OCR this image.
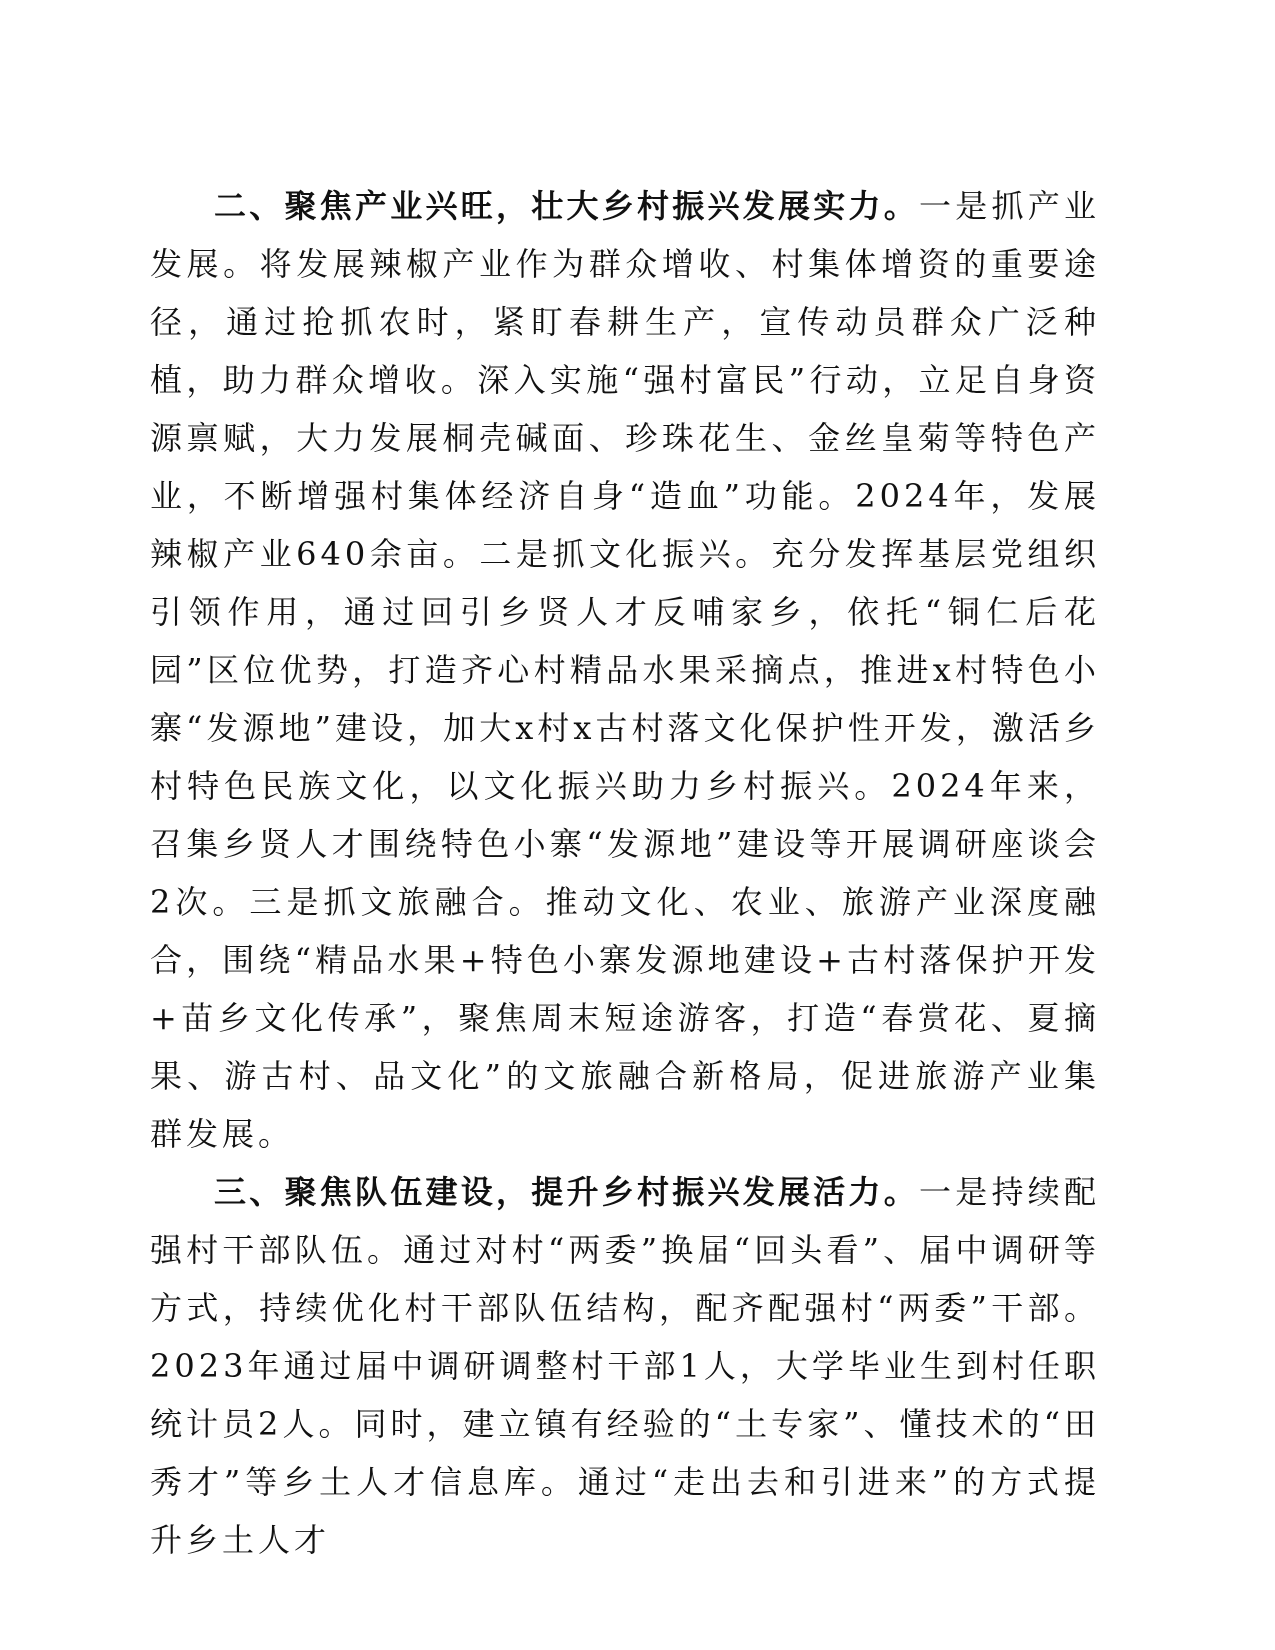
二、聚焦产业兴旺，壮大乡村振兴发展实力。一是抓产业发展。将发展辣椒产业作为群众增收、村集体增资的重要途径，通过抢抓农时，紧盯春耕生产，宣传动员群众广泛种植，助力群众增收。深入实施“强村富民”行动，立足自身资源禀赋，大力发展桐壳碱面、珍珠花生、金丝皇菊等特色产业，不断增强村集体经济自身“造血”功能。2024年，发展辣椒产业640余亩。二是抓文化振兴。充分发挥基层党组织引领作用，通过回引乡贤人才反哺家乡，依托“铜仁后花园”区位优势，打造齐心村精品水果采摘点，推进x村特色小寨“发源地”建设，加大x村x古村落文化保护性开发，激活乡村特色民族文化，以文化振兴助力乡村振兴。2024年来，召集乡贤人才围绕特色小寨“发源地”建设等开展调研座谈会2次。三是抓文旅融合。推动文化、农业、旅游产业深度融合，围绕“精品水果+特色小寨发源地建设+古村落保护开发+苗乡文化传承”，聚焦周末短途游客，打造“春赏花、夏摘果、游古村、品文化”的文旅融合新格局，促进旅游产业集群发展。

三、聚焦队伍建设，提升乡村振兴发展活力。一是持续配强村干部队伍。通过对村“两委”换届“回头看”、届中调研等方式，持续优化村干部队伍结构，配齐配强村“两委”干部。2023年通过届中调研调整村干部1人，大学毕业生到村任职统计员2人。同时，建立镇有经验的“土专家”、懂技术的“田秀才”等乡土人才信息库。通过“走出去和引进来”的方式提升乡土人才
